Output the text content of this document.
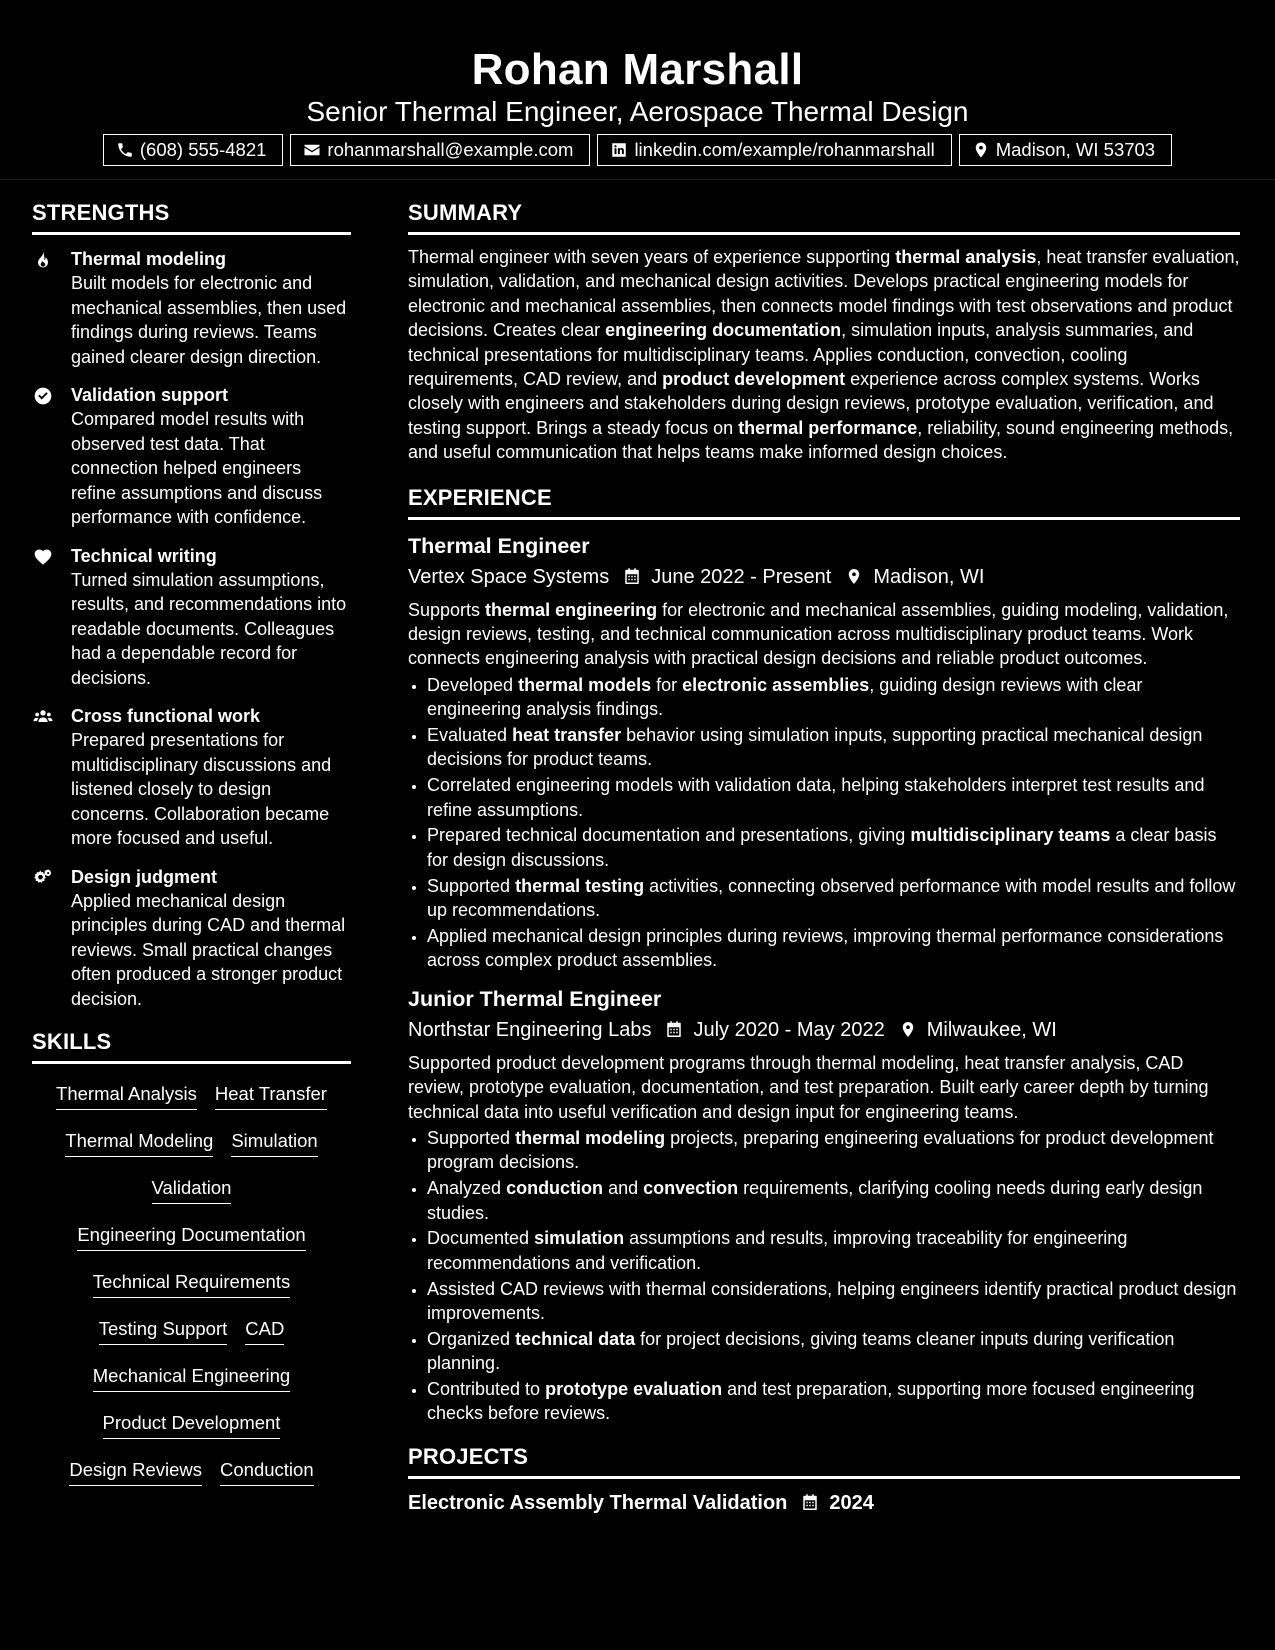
Rohan Marshall
Senior Thermal Engineer, Aerospace Thermal Design
(608) 555-4821	rohanmarshall@example.com	linkedin.com/example/rohanmarshall	Madison, WI 53703
STRENGTHS
Thermal modeling
Built models for electronic and mechanical assemblies, then used findings during reviews. Teams gained clearer design direction.
Validation support
Compared model results with observed test data. That connection helped engineers refine assumptions and discuss performance with confidence.
Technical writing
Turned simulation assumptions, results, and recommendations into readable documents. Colleagues had a dependable record for decisions.
Cross functional work
Prepared presentations for multidisciplinary discussions and listened closely to design concerns. Collaboration became more focused and useful.
Design judgment
Applied mechanical design principles during CAD and thermal reviews. Small practical changes often produced a stronger product decision.
SKILLS
Thermal Analysis Heat Transfer
Thermal Modeling Simulation
Validation
Engineering Documentation
Technical Requirements
Testing Support CAD
Mechanical Engineering
Product Development
Design Reviews Conduction
SUMMARY
Thermal engineer with seven years of experience supporting thermal analysis, heat transfer evaluation, simulation, validation, and mechanical design activities. Develops practical engineering models for electronic and mechanical assemblies, then connects model findings with test observations and product decisions. Creates clear engineering documentation, simulation inputs, analysis summaries, and technical presentations for multidisciplinary teams. Applies conduction, convection, cooling requirements, CAD review, and product development experience across complex systems. Works closely with engineers and stakeholders during design reviews, prototype evaluation, verification, and testing support. Brings a steady focus on thermal performance, reliability, sound engineering methods, and useful communication that helps teams make informed design choices.
EXPERIENCE
Thermal Engineer
Vertex Space Systems June 2022 - Present Madison, WI
Supports thermal engineering for electronic and mechanical assemblies, guiding modeling, validation, design reviews, testing, and technical communication across multidisciplinary product teams. Work connects engineering analysis with practical design decisions and reliable product outcomes.
• Developed thermal models for electronic assemblies, guiding design reviews with clear engineering analysis findings.
• Evaluated heat transfer behavior using simulation inputs, supporting practical mechanical design decisions for product teams.
• Correlated engineering models with validation data, helping stakeholders interpret test results and refine assumptions.
• Prepared technical documentation and presentations, giving multidisciplinary teams a clear basis for design discussions.
• Supported thermal testing activities, connecting observed performance with model results and follow up recommendations.
• Applied mechanical design principles during reviews, improving thermal performance considerations across complex product assemblies.
Junior Thermal Engineer
Northstar Engineering Labs July 2020 - May 2022 Milwaukee, WI
Supported product development programs through thermal modeling, heat transfer analysis, CAD review, prototype evaluation, documentation, and test preparation. Built early career depth by turning technical data into useful verification and design input for engineering teams.
• Supported thermal modeling projects, preparing engineering evaluations for product development program decisions.
• Analyzed conduction and convection requirements, clarifying cooling needs during early design studies.
• Documented simulation assumptions and results, improving traceability for engineering recommendations and verification.
• Assisted CAD reviews with thermal considerations, helping engineers identify practical product design improvements.
• Organized technical data for project decisions, giving teams cleaner inputs during verification planning.
• Contributed to prototype evaluation and test preparation, supporting more focused engineering checks before reviews.
PROJECTS
Electronic Assembly Thermal Validation 2024
